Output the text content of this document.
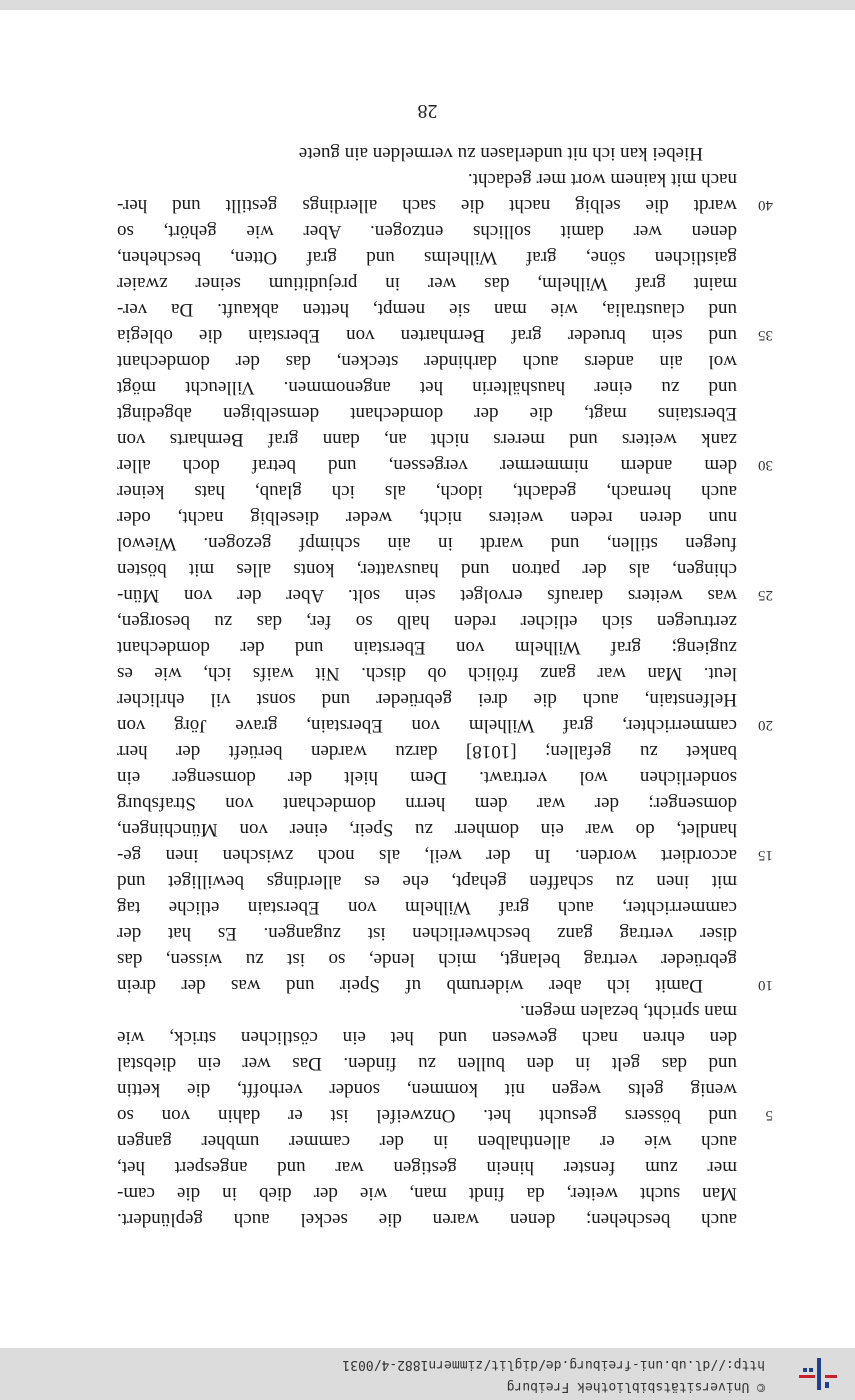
© Universitätsbibliothek Freiburg
http://dl.ub.uni-freiburg.de/diglit/zimmern1882-4/0031
28
auch beschehen; denen waren die seckel auch geplündert.
Man sucht weiter, da findt man, wie der dieb in die cam-
mer zum fenster hinein gestigen war und angespert het,
auch wie er allenthalben in der cammer umbher gangen
5
und bössers gesucht het. Onzweifel ist er dahin von so
wenig gelts wegen nit kommen, sonder verhofft, die kettin
und das gelt in den bullen zu finden. Das wer ein diebstal
den ehren nach gewesen und het ein cöstlichen strick, wie
man spricht, bezalen megen.
10
Damit ich aber widerumb uf Speir und was der drein
gebrüeder vertrag belangt, mich lende, so ist zu wissen, das
diser vertrag ganz beschwerlichen ist zugangen. Es hat der
cammerrichter, auch graf Wilhelm von Eberstain etliche tag
mit inen zu schaffen gehapt, ehe es allerdings bewilliget und
15
accordiert worden. In der weil, als noch zwischen inen ge-
handlet, do war ein domherr zu Speir, einer von Münchingen,
domsenger; der war dem herrn domdechant von Strafsburg
sonderlichen wol vertrawt. Dem hielt der domsenger ein
banket zu gefallen; [1018] darzu warden berüeft der herr
20
cammerrichter, graf Wilhelm von Eberstain, grave Jörg von
Helfenstain, auch die drei gebrüeder und sonst vil ehrlicher
leut. Man war ganz frölich ob disch. Nit waifs ich, wie es
zugieng; graf Wilhelm von Eberstain und der domdechant
zertruegen sich etlicher reden halb so fer, das zu besorgen,
25
was weiters daraufs ervolget sein solt. Aber der von Mün-
chingen, als der patron und hausvatter, konts alles mit bösten
fuegen stillen, und wardt in ain schimpf gezogen. Wiewol
nun deren reden weiters nicht, weder dieselbig nacht, oder
auch hernach, gedacht, idoch, als ich glaub, hats keiner
30
dem andern nimmermer vergessen, und betraf doch aller
zank weiters und merers nicht an, dann graf Bernharts von
Eberstains magt, die der domdechant demselbigen abgedingt
und zu einer haushälterin het angenommen. Villeucht mögt
wol ain anders auch darhinder stecken, das der domdechant
35
und sein brueder graf Bernharten von Eberstain die oblegia
und claustralia, wie man sie nempt, hetten abkauft. Da ver-
maint graf Wilhelm, das wer in prejuditium seiner zwaier
gaistlichen söne, graf Wilhelms und graf Otten, beschehen,
denen wer damit sollichs entzogen. Aber wie gehört, so
40
wardt die selbig nacht die sach allerdings gestillt und her-
nach mit kainem wort mer gedacht.
Hiebei kan ich nit underlasen zu vermelden ain guete
